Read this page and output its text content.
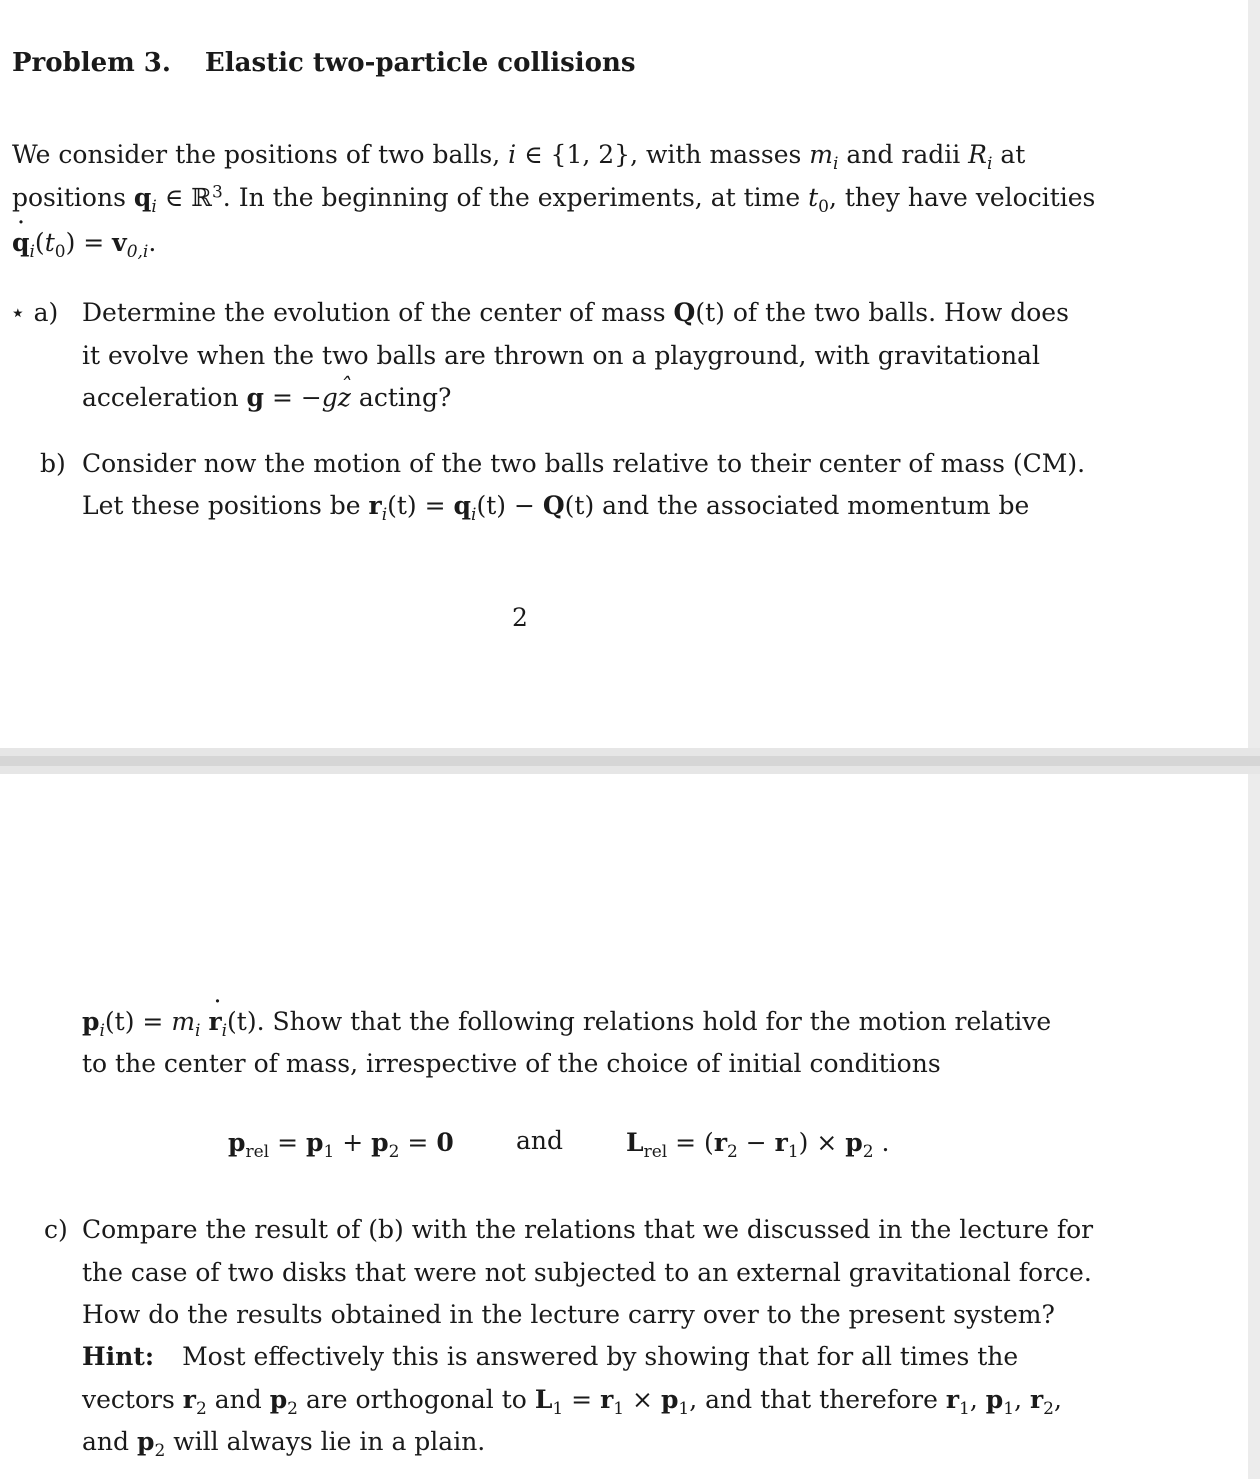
Problem 3. Elastic two-particle collisions
We consider the positions of two balls, i ∈ {1, 2}, with masses $m_i$ and radii $R_i$ at
positions $q_i$ ∈ ℝ$^3$. In the beginning of the experiments, at time $t_0$, they have velocities
q $˙_i(t_0) = v_{0,i}$.
⋆ a) Determine the evolution of the center of mass Q(t) of the two balls. How does
it evolve when the two balls are thrown on a playground, with gravitational
acceleration g = −gz ˆ acting?
b) Consider now the motion of the two balls relative to their center of mass (CM).
Let these positions be $r_i(t) = q_i(t) - Q(t)$ and the associated momentum be
2
$p_i(t) = m_i$ r $˙_i(t)$. Show that the following relations hold for the motion relative
to the center of mass, irrespective of the choice of initial conditions
$p_{rel} = p_1 + p_2 = 0$ and	$L_{rel} = (r_2 - r_1) \times p_2$ .
c) Compare the result of (b) with the relations that we discussed in the lecture for
the case of two disks that were not subjected to an external gravitational force.
How do the results obtained in the lecture carry over to the present system?
Hint: Most effectively this is answered by showing that for all times the
vectors $r_2$ and $p_2$ are orthogonal to $L_1 = r_1 \times p_1$, and that therefore $r_1$, $p_1$, $r_2$,
and $p_2$ will always lie in a plain.
